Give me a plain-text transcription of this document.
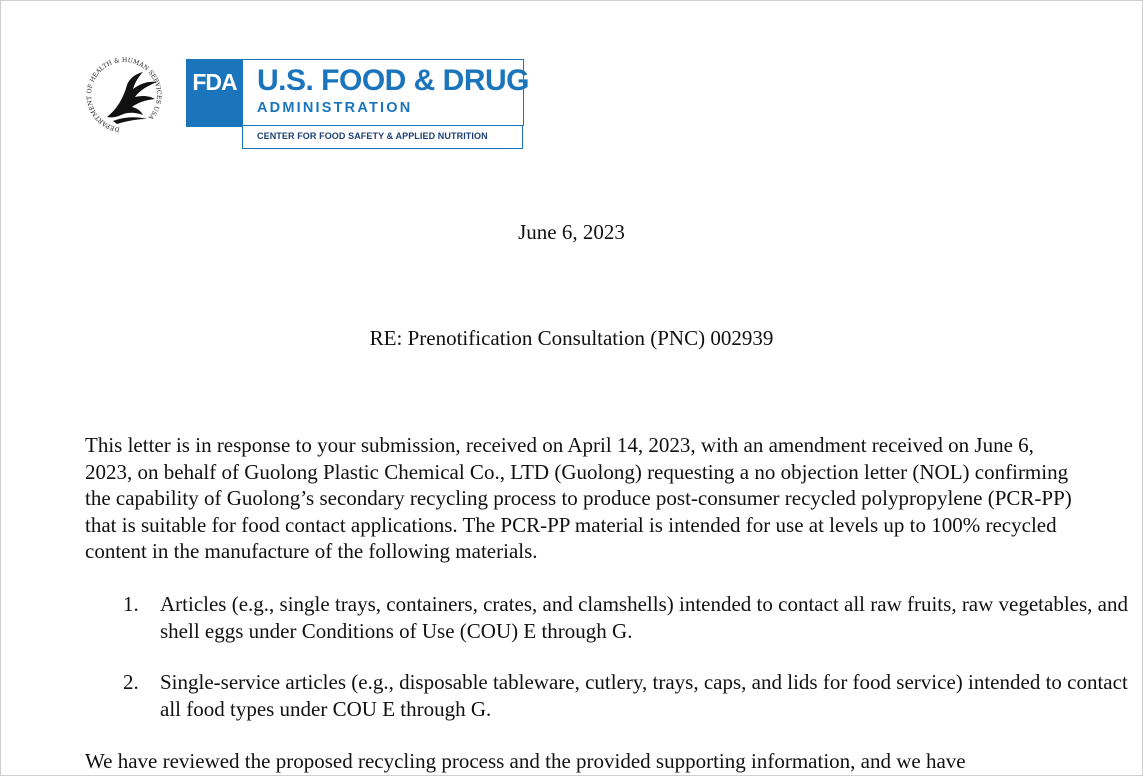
DEPARTMENT OF HEALTH & HUMAN SERVICES USA
FDA U.S. FOOD & DRUG
ADMINISTRATION
CENTER FOR FOOD SAFETY & APPLIED NUTRITION
June 6, 2023
RE: Prenotification Consultation (PNC) 002939

This letter is in response to your submission, received on April 14, 2023, with an amendment received on June 6, 2023, on behalf of Guolong Plastic Chemical Co., LTD (Guolong) requesting a no objection letter (NOL) confirming the capability of Guolong’s secondary recycling process to produce post-consumer recycled polypropylene (PCR-PP) that is suitable for food contact applications. The PCR-PP material is intended for use at levels up to 100% recycled content in the manufacture of the following materials.

1. Articles (e.g., single trays, containers, crates, and clamshells) intended to contact all raw fruits, raw vegetables, and shell eggs under Conditions of Use (COU) E through G.
2. Single-service articles (e.g., disposable tableware, cutlery, trays, caps, and lids for food service) intended to contact all food types under COU E through G.

We have reviewed the proposed recycling process and the provided supporting information, and we have
